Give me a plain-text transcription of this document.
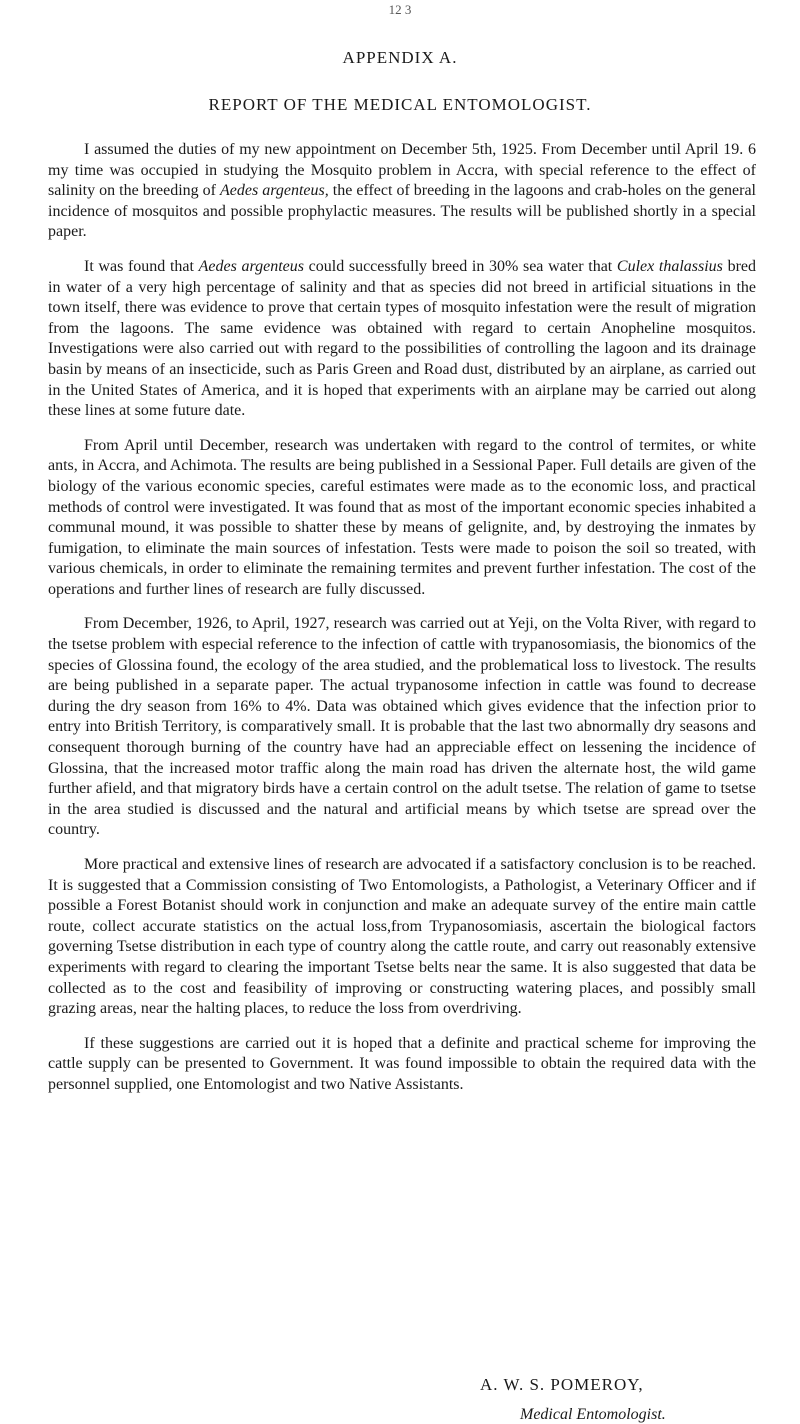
12 3
APPENDIX A.
REPORT OF THE MEDICAL ENTOMOLOGIST.

I assumed the duties of my new appointment on December 5th, 1925. From December until April 19. 6 my time was occupied in studying the Mosquito problem in Accra, with special reference to the effect of salinity on the breeding of Aedes argenteus, the effect of breeding in the lagoons and crab-holes on the general incidence of mosquitos and possible prophylactic measures. The results will be published shortly in a special paper.

It was found that Aedes argenteus could successfully breed in 30% sea water that Culex thalassius bred in water of a very high percentage of salinity and that as species did not breed in artificial situations in the town itself, there was evidence to prove that certain types of mosquito infestation were the result of migration from the lagoons. The same evidence was obtained with regard to certain Anopheline mosquitos. Investigations were also carried out with regard to the possibilities of controlling the lagoon and its drainage basin by means of an insecticide, such as Paris Green and Road dust, distributed by an airplane, as carried out in the United States of America, and it is hoped that experiments with an airplane may be carried out along these lines at some future date.

From April until December, research was undertaken with regard to the control of termites, or white ants, in Accra, and Achimota. The results are being published in a Sessional Paper. Full details are given of the biology of the various economic species, careful estimates were made as to the economic loss, and practical methods of control were investigated. It was found that as most of the important economic species inhabited a communal mound, it was possible to shatter these by means of gelignite, and, by destroying the inmates by fumigation, to eliminate the main sources of infestation. Tests were made to poison the soil so treated, with various chemicals, in order to eliminate the remaining termites and prevent further infestation. The cost of the operations and further lines of research are fully discussed.

From December, 1926, to April, 1927, research was carried out at Yeji, on the Volta River, with regard to the tsetse problem with especial reference to the infection of cattle with trypanosomiasis, the bionomics of the species of Glossina found, the ecology of the area studied, and the problematical loss to livestock. The results are being published in a separate paper. The actual trypanosome infection in cattle was found to decrease during the dry season from 16% to 4%. Data was obtained which gives evidence that the infection prior to entry into British Territory, is comparatively small. It is probable that the last two abnormally dry seasons and consequent thorough burning of the country have had an appreciable effect on lessening the incidence of Glossina, that the increased motor traffic along the main road has driven the alternate host, the wild game further afield, and that migratory birds have a certain control on the adult tsetse. The relation of game to tsetse in the area studied is discussed and the natural and artificial means by which tsetse are spread over the country.

More practical and extensive lines of research are advocated if a satisfactory conclusion is to be reached. It is suggested that a Commission consisting of Two Entomologists, a Pathologist, a Veterinary Officer and if possible a Forest Botanist should work in conjunction and make an adequate survey of the entire main cattle route, collect accurate statistics on the actual loss,from Trypanosomiasis, ascertain the biological factors governing Tsetse distribution in each type of country along the cattle route, and carry out reasonably extensive experiments with regard to clearing the important Tsetse belts near the same. It is also suggested that data be collected as to the cost and feasibility of improving or constructing watering places, and possibly small grazing areas, near the halting places, to reduce the loss from overdriving.

If these suggestions are carried out it is hoped that a definite and practical scheme for improving the cattle supply can be presented to Government. It was found impossible to obtain the required data with the personnel supplied, one Entomologist and two Native Assistants.

A. W. S. POMEROY,
Medical Entomologist.
